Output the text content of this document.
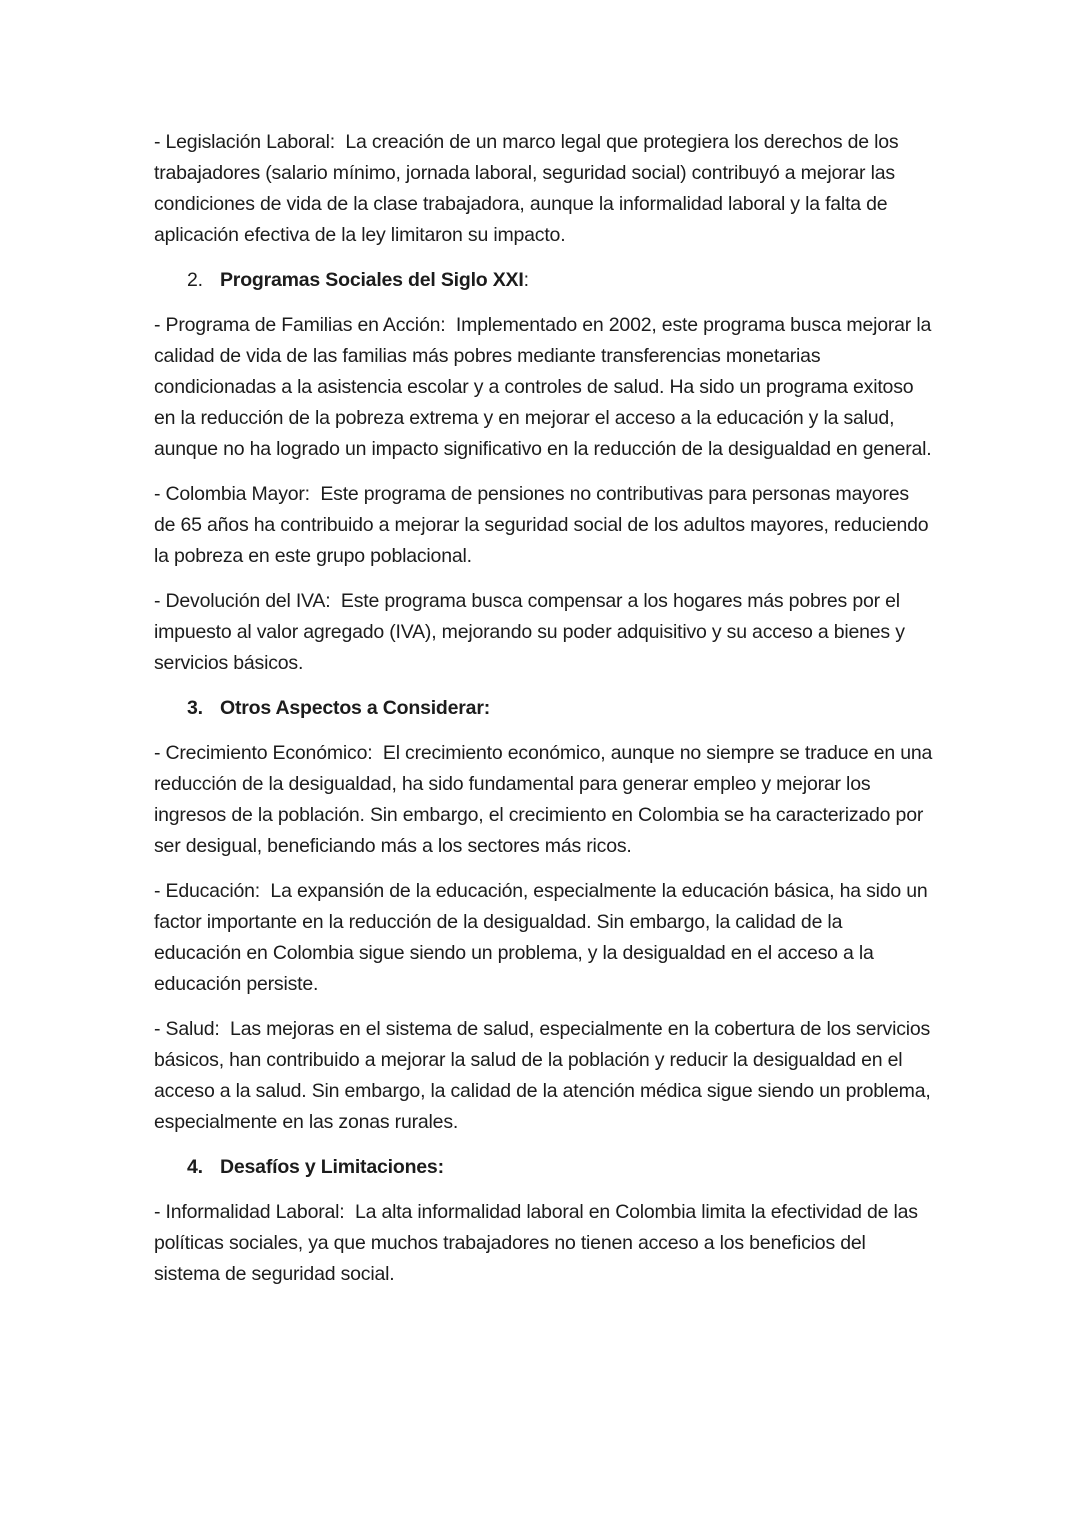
- Legislación Laboral:  La creación de un marco legal que protegiera los derechos de los trabajadores (salario mínimo, jornada laboral, seguridad social) contribuyó a mejorar las condiciones de vida de la clase trabajadora, aunque la informalidad laboral y la falta de aplicación efectiva de la ley limitaron su impacto.

2. Programas Sociales del Siglo XXI:

- Programa de Familias en Acción:  Implementado en 2002, este programa busca mejorar la calidad de vida de las familias más pobres mediante transferencias monetarias condicionadas a la asistencia escolar y a controles de salud. Ha sido un programa exitoso en la reducción de la pobreza extrema y en mejorar el acceso a la educación y la salud, aunque no ha logrado un impacto significativo en la reducción de la desigualdad en general.

- Colombia Mayor:  Este programa de pensiones no contributivas para personas mayores de 65 años ha contribuido a mejorar la seguridad social de los adultos mayores, reduciendo la pobreza en este grupo poblacional.

- Devolución del IVA:  Este programa busca compensar a los hogares más pobres por el impuesto al valor agregado (IVA), mejorando su poder adquisitivo y su acceso a bienes y servicios básicos.

3. Otros Aspectos a Considerar:

- Crecimiento Económico:  El crecimiento económico, aunque no siempre se traduce en una reducción de la desigualdad, ha sido fundamental para generar empleo y mejorar los ingresos de la población. Sin embargo, el crecimiento en Colombia se ha caracterizado por ser desigual, beneficiando más a los sectores más ricos.

- Educación:  La expansión de la educación, especialmente la educación básica, ha sido un factor importante en la reducción de la desigualdad. Sin embargo, la calidad de la educación en Colombia sigue siendo un problema, y la desigualdad en el acceso a la educación persiste.

- Salud:  Las mejoras en el sistema de salud, especialmente en la cobertura de los servicios básicos, han contribuido a mejorar la salud de la población y reducir la desigualdad en el acceso a la salud. Sin embargo, la calidad de la atención médica sigue siendo un problema, especialmente en las zonas rurales.

4. Desafíos y Limitaciones:

- Informalidad Laboral:  La alta informalidad laboral en Colombia limita la efectividad de las políticas sociales, ya que muchos trabajadores no tienen acceso a los beneficios del sistema de seguridad social.
